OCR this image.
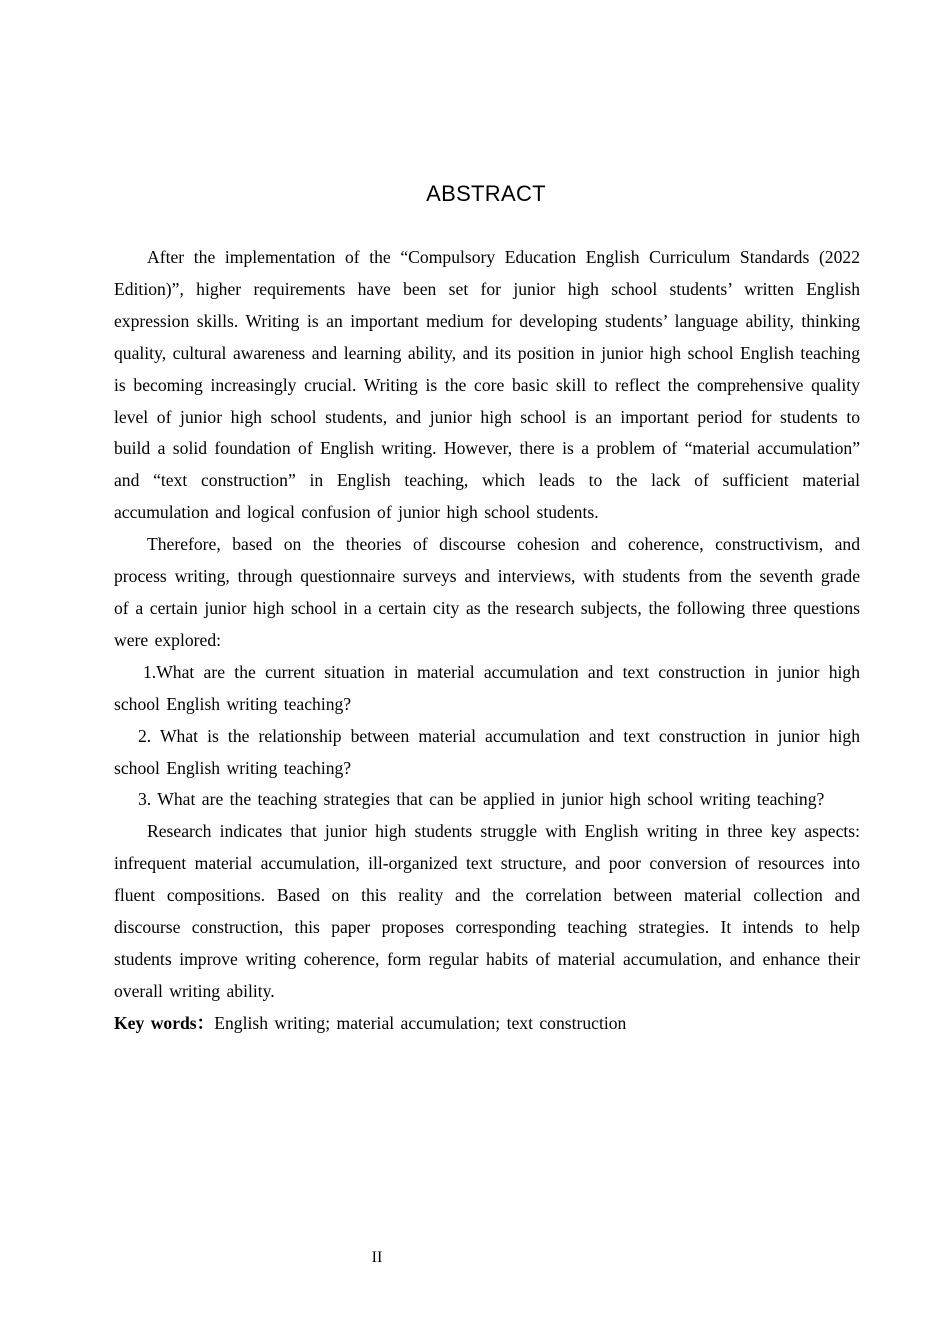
ABSTRACT

After the implementation of the “Compulsory Education English Curriculum Standards (2022 Edition)”, higher requirements have been set for junior high school students’ written English expression skills. Writing is an important medium for developing students’ language ability, thinking quality, cultural awareness and learning ability, and its position in junior high school English teaching is becoming increasingly crucial. Writing is the core basic skill to reflect the comprehensive quality level of junior high school students, and junior high school is an important period for students to build a solid foundation of English writing. However, there is a problem of “material accumulation” and “text construction” in English teaching, which leads to the lack of sufficient material accumulation and logical confusion of junior high school students.

Therefore, based on the theories of discourse cohesion and coherence, constructivism, and process writing, through questionnaire surveys and interviews, with students from the seventh grade of a certain junior high school in a certain city as the research subjects, the following three questions were explored:

1.What are the current situation in material accumulation and text construction in junior high school English writing teaching?

2. What is the relationship between material accumulation and text construction in junior high school English writing teaching?

3. What are the teaching strategies that can be applied in junior high school writing teaching?

Research indicates that junior high students struggle with English writing in three key aspects: infrequent material accumulation, ill-organized text structure, and poor conversion of resources into fluent compositions. Based on this reality and the correlation between material collection and discourse construction, this paper proposes corresponding teaching strategies. It intends to help students improve writing coherence, form regular habits of material accumulation, and enhance their overall writing ability.

Key words：English writing; material accumulation; text construction

II
